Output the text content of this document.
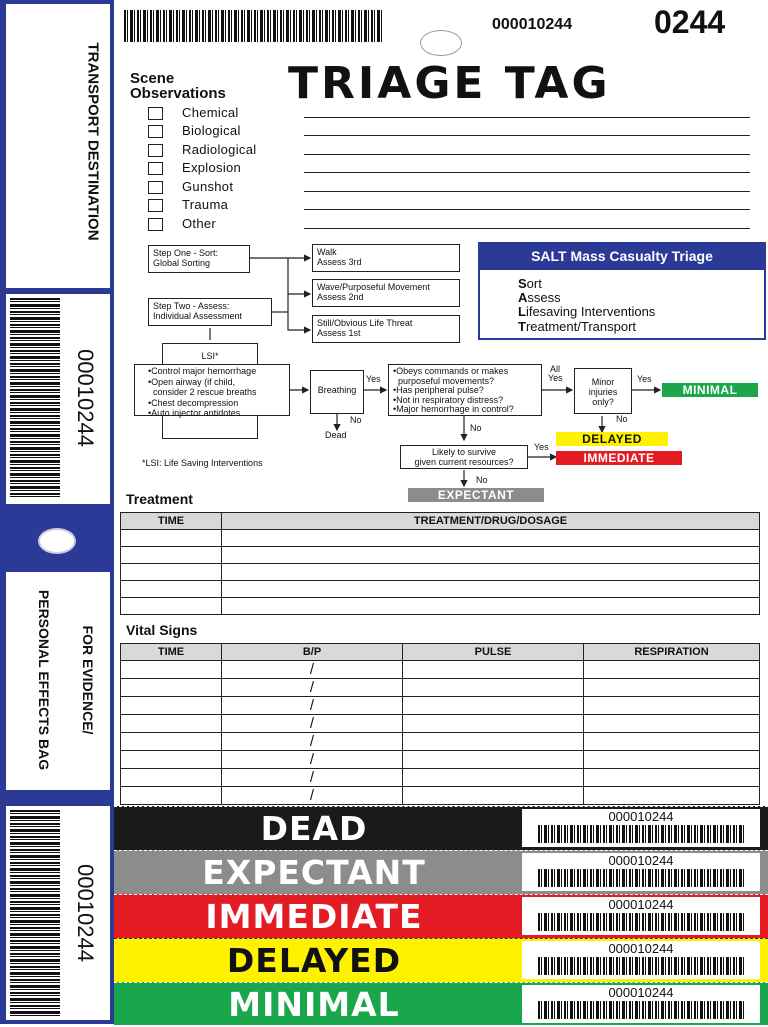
TRANSPORT DESTINATION
00010244
FOR EVIDENCE/
PERSONAL EFFECTS BAG
00010244
000010244	0244
TRIAGE TAG
Scene
Observations
Chemical
Biological
Radiological
Explosion
Gunshot
Trauma
Other
SALT Mass Casualty Triage
Sort
Assess
Lifesaving Interventions
Treatment/Transport
Step One - Sort:
Global Sorting
Walk
Assess 3rd
Wave/Purposeful Movement
Assess 2nd
Still/Obvious Life Threat
Assess 1st
Step Two - Assess:
Individual Assessment
LSI*
•Control major hemorrhage
•Open airway (if child,
consider 2 rescue breaths
•Chest decompression
•Auto injector antidotes
*LSI: Life Saving Interventions
Breathing
Yes
No
Dead
•Obeys commands or makes
purposeful movements?
•Has peripheral pulse?
•Not in respiratory distress?
•Major hemorrhage in control?
All
Yes
No
Minor
injuries
only?
Yes
No
MINIMAL
DELAYED
IMMEDIATE
EXPECTANT
Likely to survive
given current resources?
Yes
No
Treatment
TIME	TREATMENT/DRUG/DOSAGE

Vital Signs
TIME	B/P	PULSE	RESPIRATION
	/		
	/		
	/		
	/		
	/		
	/		
	/		
	/		
DEAD	000010244
EXPECTANT	000010244
IMMEDIATE	000010244
DELAYED	000010244
MINIMAL	000010244
